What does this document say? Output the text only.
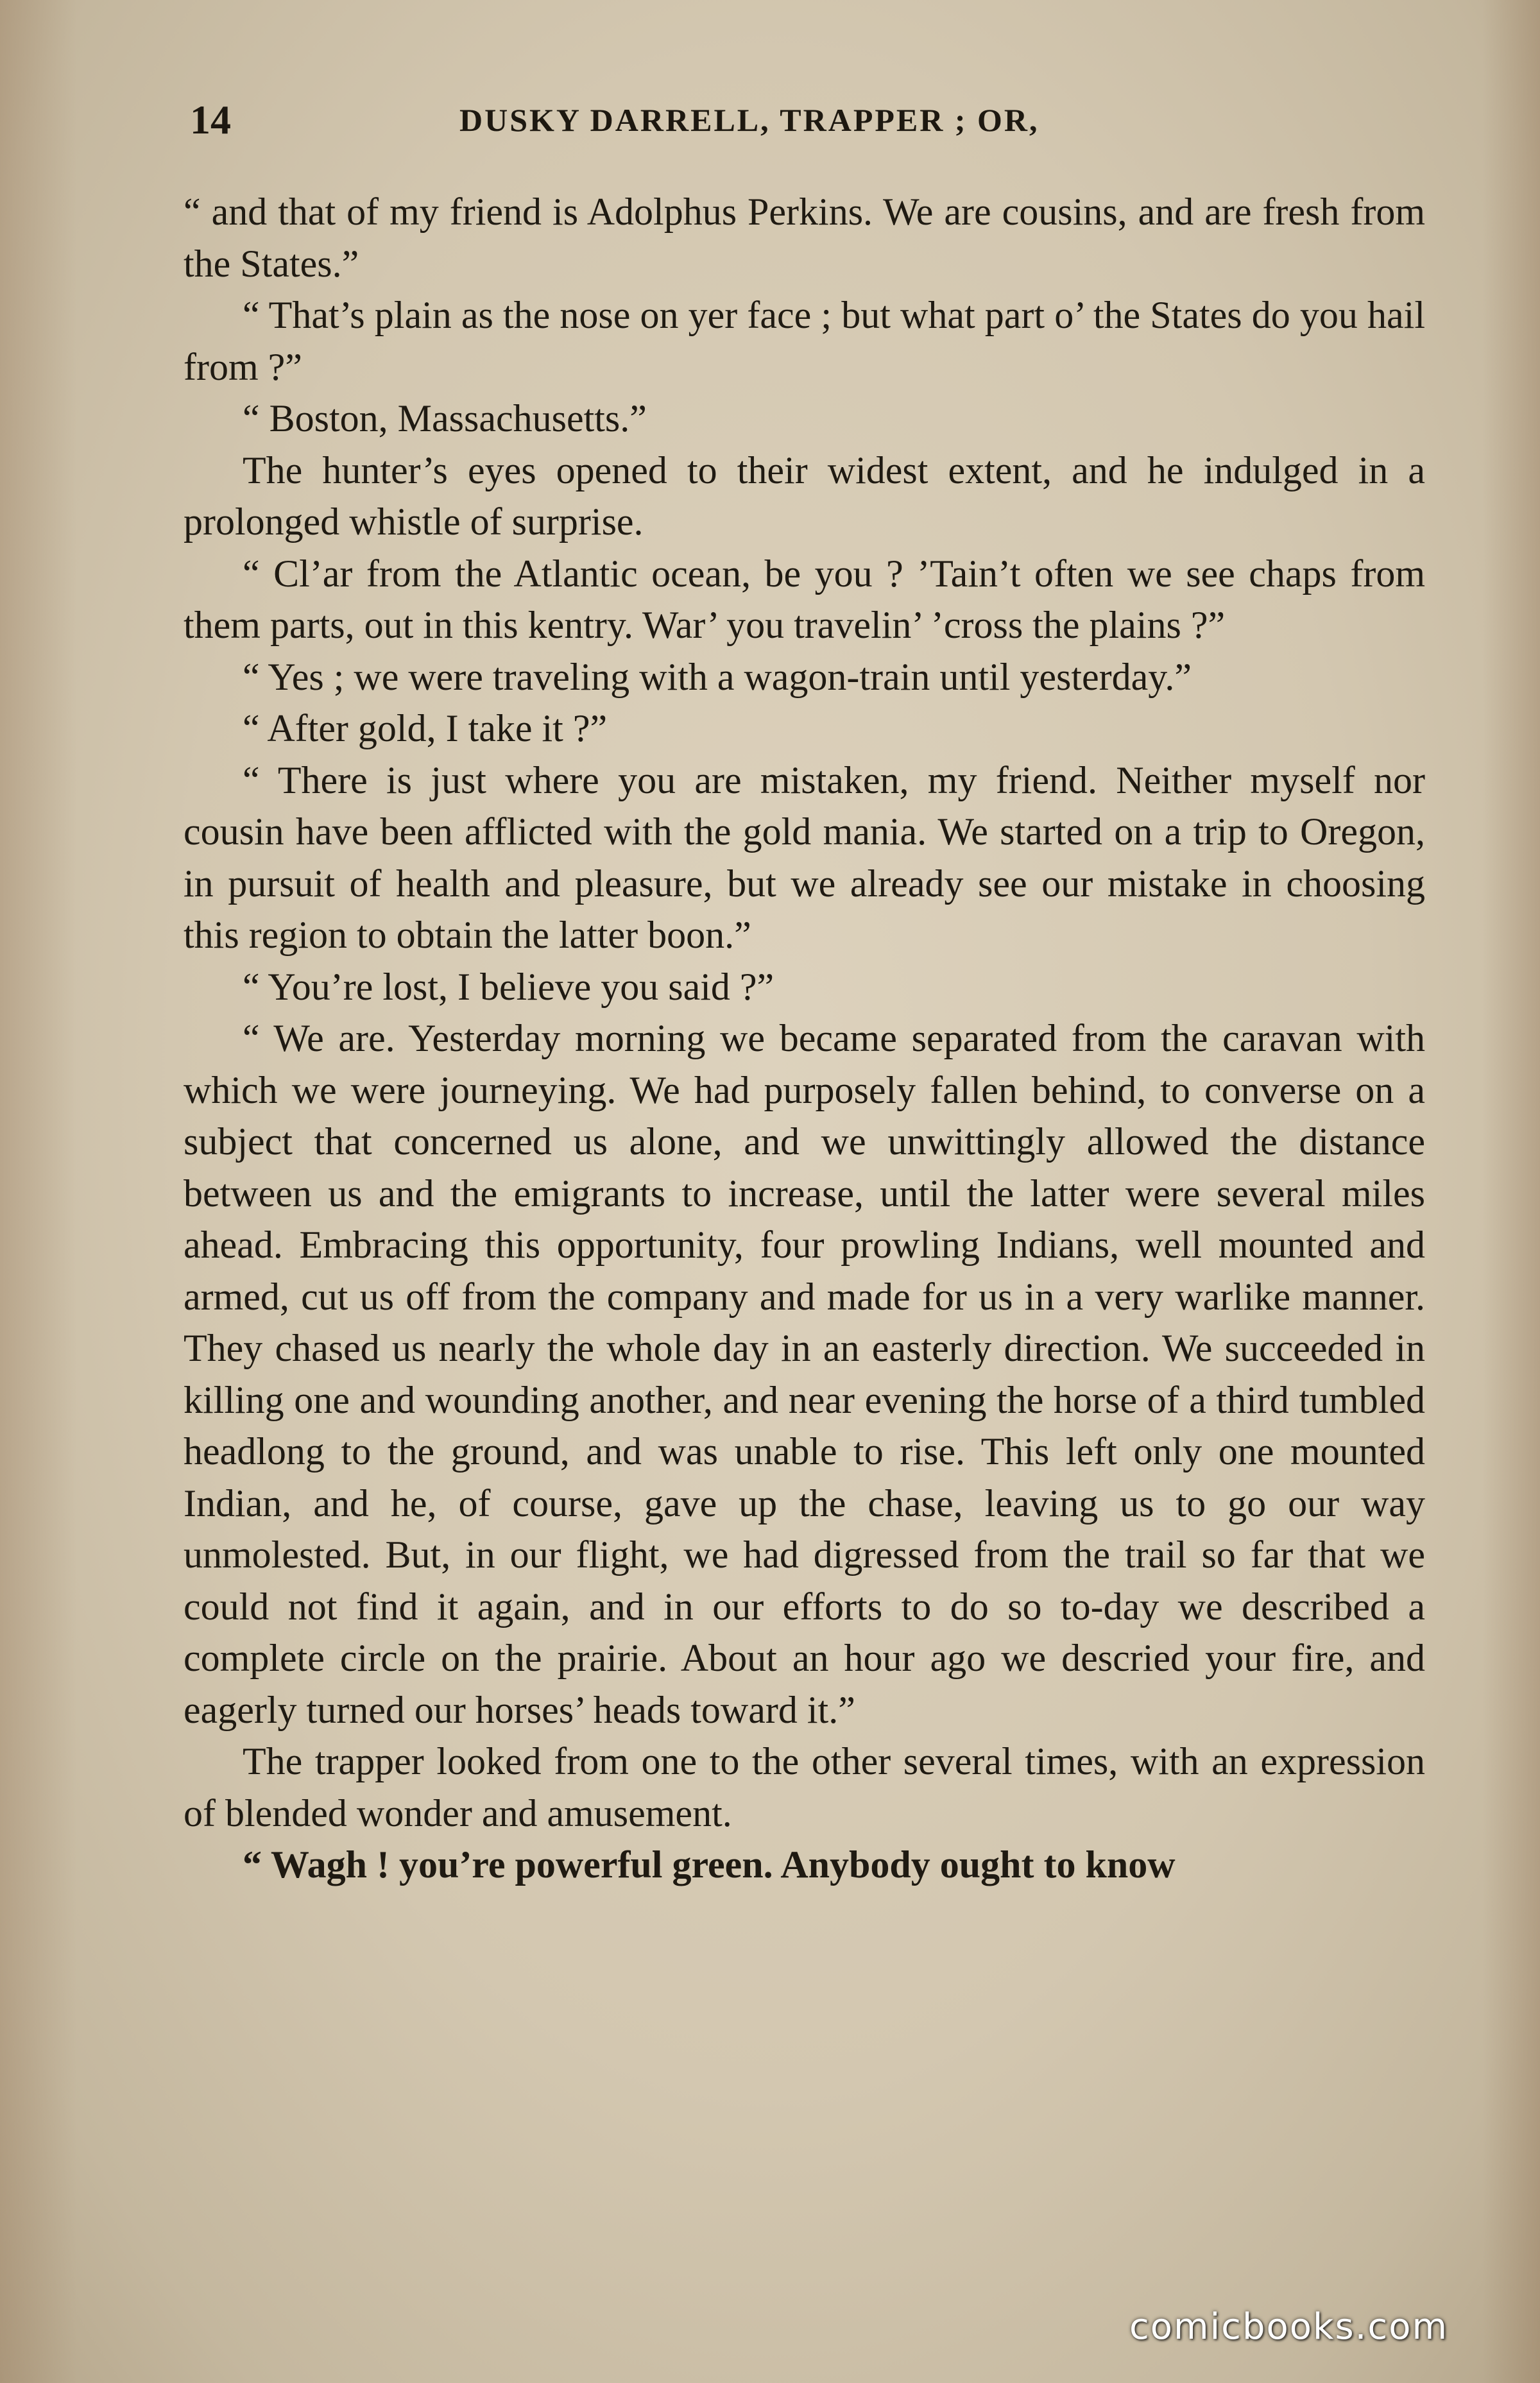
14	DUSKY DARRELL, TRAPPER ; OR,

“ and that of my friend is Adolphus Perkins. We are cousins, and are fresh from the States.”

“ That’s plain as the nose on yer face ; but what part o’ the States do you hail from ?”

“ Boston, Massachusetts.”

The hunter’s eyes opened to their widest extent, and he indulged in a prolonged whistle of surprise.

“ Cl’ar from the Atlantic ocean, be you ? ’Tain’t often we see chaps from them parts, out in this kentry. War’ you travelin’ ’cross the plains ?”

“ Yes ; we were traveling with a wagon-train until yesterday.”

“ After gold, I take it ?”

“ There is just where you are mistaken, my friend. Neither myself nor cousin have been afflicted with the gold mania. We started on a trip to Oregon, in pursuit of health and pleasure, but we already see our mistake in choosing this region to obtain the latter boon.”

“ You’re lost, I believe you said ?”

“ We are. Yesterday morning we became separated from the caravan with which we were journeying. We had purposely fallen behind, to converse on a subject that concerned us alone, and we unwittingly allowed the distance between us and the emigrants to increase, until the latter were several miles ahead. Embracing this opportunity, four prowling Indians, well mounted and armed, cut us off from the company and made for us in a very warlike manner. They chased us nearly the whole day in an easterly direction. We succeeded in killing one and wounding another, and near evening the horse of a third tumbled headlong to the ground, and was unable to rise. This left only one mounted Indian, and he, of course, gave up the chase, leaving us to go our way unmolested. But, in our flight, we had digressed from the trail so far that we could not find it again, and in our efforts to do so to-day we described a complete circle on the prairie. About an hour ago we descried your fire, and eagerly turned our horses’ heads toward it.”

The trapper looked from one to the other several times, with an expression of blended wonder and amusement.

“ Wagh ! you’re powerful green. Anybody ought to know

comicbooks.com
